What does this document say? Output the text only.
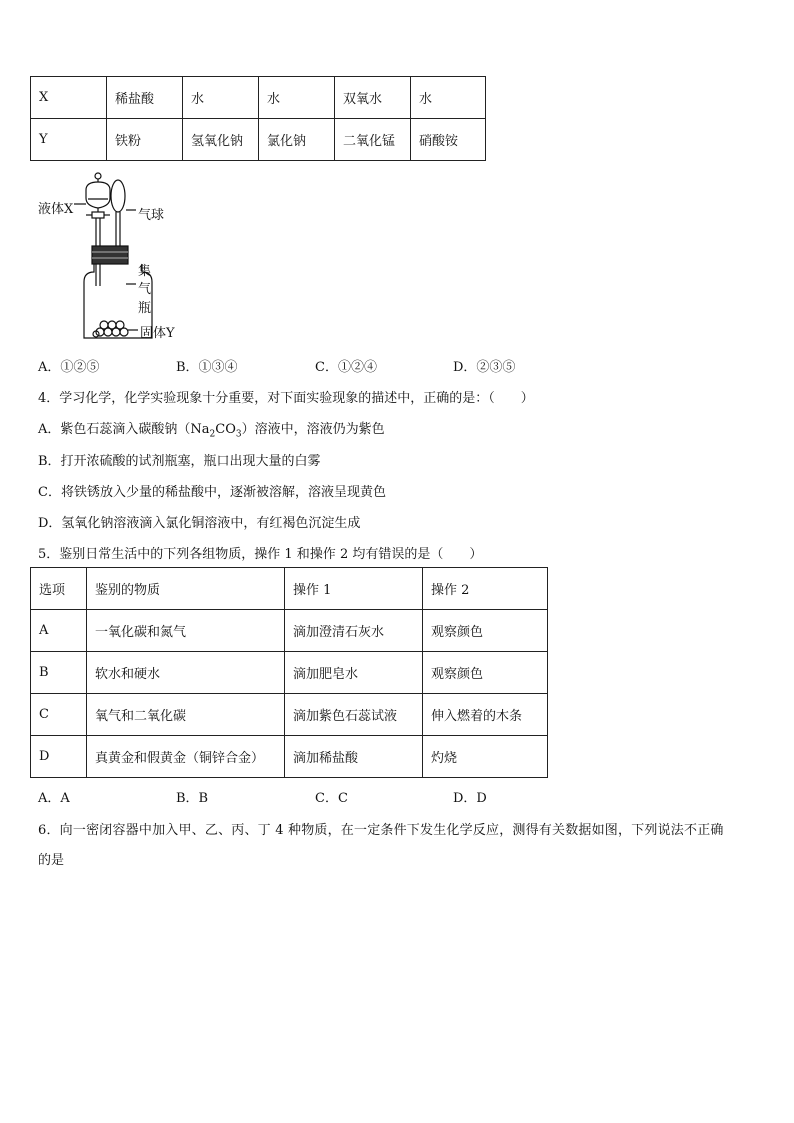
X	稀盐酸	水	水	双氧水	水
Y	铁粉	氢氧化钠	氯化钠	二氧化锰	硝酸铵
液体X	气球
集
气
瓶
固体Y
A．①②⑤	B．①③④	C．①②④	D．②③⑤
4．学习化学，化学实验现象十分重要，对下面实验现象的描述中，正确的是：（　　）
A．紫色石蕊滴入碳酸钠$(Na_2CO_3)$溶液中，溶液仍为紫色
B．打开浓硫酸的试剂瓶塞，瓶口出现大量的白雾
C．将铁锈放入少量的稀盐酸中，逐渐被溶解，溶液呈现黄色
D．氢氧化钠溶液滴入氯化铜溶液中，有红褐色沉淀生成
5．鉴别日常生活中的下列各组物质，操作 1 和操作 2 均有错误的是（　　）
选项	鉴别的物质	操作 1	操作 2
A	一氧化碳和氮气	滴加澄清石灰水	观察颜色
B	软水和硬水	滴加肥皂水	观察颜色
C	氧气和二氧化碳	滴加紫色石蕊试液	伸入燃着的木条
D	真黄金和假黄金（铜锌合金）	滴加稀盐酸	灼烧
A．A	B．B	C．C	D．D
6．向一密闭容器中加入甲、乙、丙、丁 4 种物质，在一定条件下发生化学反应，测得有关数据如图，下列说法不正确
的是
